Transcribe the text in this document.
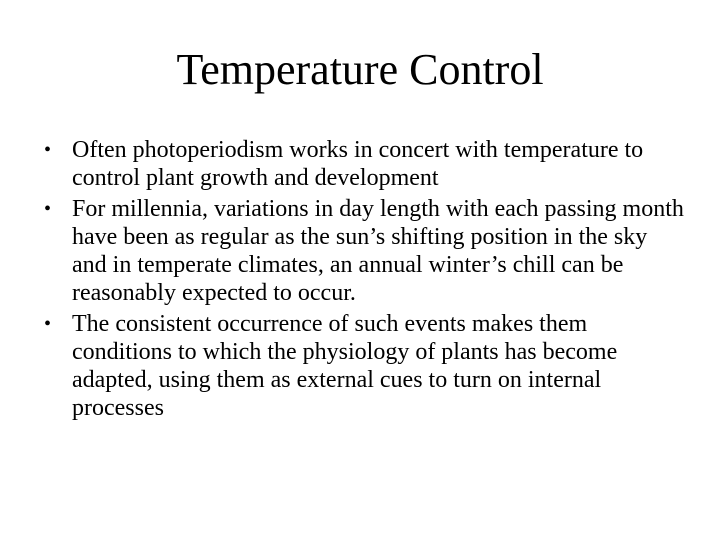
Temperature Control
• Often photoperiodism works in concert with temperature to control plant growth and development
• For millennia, variations in day length with each passing month have been as regular as the sun’s shifting position in the sky and in temperate climates, an annual winter’s chill can be reasonably expected to occur.
• The consistent occurrence of such events makes them conditions to which the physiology of plants has become adapted, using them as external cues to turn on internal processes
